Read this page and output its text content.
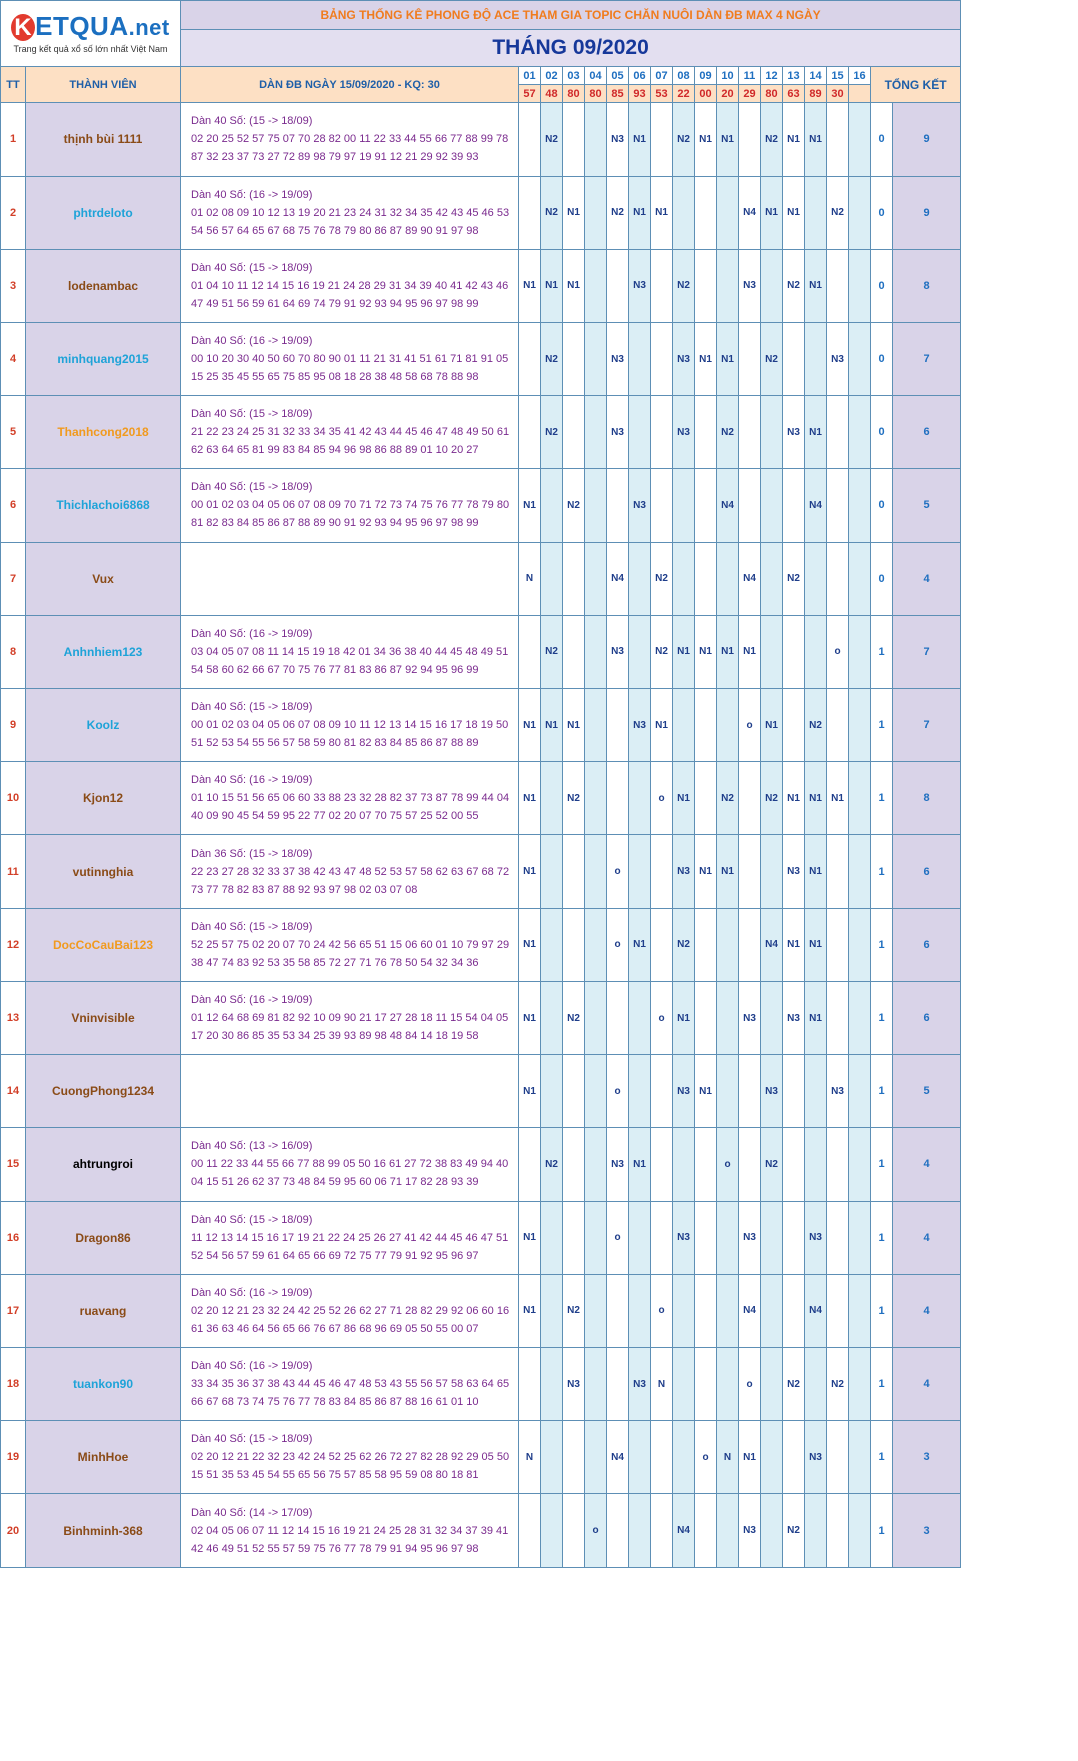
K ETQUA.net
Trang kết quả xổ số lớn nhất Việt Nam		BẢNG THỐNG KÊ PHONG ĐỘ ACE THAM GIA TOPIC CHĂN NUÔI DÀN ĐB MAX 4 NGÀY																		
		THÁNG 09/2020																		
TT	THÀNH VIÊN	DÀN ĐB NGÀY 15/09/2020 - KQ: 30	01	02	03	04	05	06	07	08	09	10	11	12	13	14	15	16	TỔNG KẾT	
			57	48	80	80	85	93	53	22	00	20	29	80	63	89	30			
1	thịnh bùi 1111	Dàn 40 Số: (15 -> 18/09)
02 20 25 52 57 75 07 70 28 82 00 11 22 33 44 55 66 77 88 99 78
87 32 23 37 73 27 72 89 98 79 97 19 91 12 21 29 92 39 93		N2			N3	N1		N2	N1	N1		N2	N1	N1			0	9
2	phtrdeloto	Dàn 40 Số: (16 -> 19/09)
01 02 08 09 10 12 13 19 20 21 23 24 31 32 34 35 42 43 45 46 53
54 56 57 64 65 67 68 75 76 78 79 80 86 87 89 90 91 97 98		N2	N1		N2	N1	N1				N4	N1	N1		N2		0	9
3	lodenambac	Dàn 40 Số: (15 -> 18/09)
01 04 10 11 12 14 15 16 19 21 24 28 29 31 34 39 40 41 42 43 46
47 49 51 56 59 61 64 69 74 79 91 92 93 94 95 96 97 98 99	N1	N1	N1			N3		N2			N3		N2	N1			0	8
4	minhquang2015	Dàn 40 Số: (16 -> 19/09)
00 10 20 30 40 50 60 70 80 90 01 11 21 31 41 51 61 71 81 91 05
15 25 35 45 55 65 75 85 95 08 18 28 38 48 58 68 78 88 98		N2			N3			N3	N1	N1		N2			N3		0	7
5	Thanhcong2018	Dàn 40 Số: (15 -> 18/09)
21 22 23 24 25 31 32 33 34 35 41 42 43 44 45 46 47 48 49 50 61
62 63 64 65 81 99 83 84 85 94 96 98 86 88 89 01 10 20 27		N2			N3			N3		N2			N3	N1			0	6
6	Thichlachoi6868	Dàn 40 Số: (15 -> 18/09)
00 01 02 03 04 05 06 07 08 09 70 71 72 73 74 75 76 77 78 79 80
81 82 83 84 85 86 87 88 89 90 91 92 93 94 95 96 97 98 99	N1		N2			N3				N4				N4			0	5
7	Vux		N				N4		N2				N4		N2				0	4
8	Anhnhiem123	Dàn 40 Số: (16 -> 19/09)
03 04 05 07 08 11 14 15 19 18 42 01 34 36 38 40 44 45 48 49 51
54 58 60 62 66 67 70 75 76 77 81 83 86 87 92 94 95 96 99		N2			N3		N2	N1	N1	N1	N1				o		1	7
9	Koolz	Dàn 40 Số: (15 -> 18/09)
00 01 02 03 04 05 06 07 08 09 10 11 12 13 14 15 16 17 18 19 50
51 52 53 54 55 56 57 58 59 80 81 82 83 84 85 86 87 88 89	N1	N1	N1			N3	N1				o	N1		N2			1	7
10	Kjon12	Dàn 40 Số: (16 -> 19/09)
01 10 15 51 56 65 06 60 33 88 23 32 28 82 37 73 87 78 99 44 04
40 09 90 45 54 59 95 22 77 02 20 07 70 75 57 25 52 00 55	N1		N2				o	N1		N2		N2	N1	N1	N1		1	8
11	vutinnghia	Dàn 36 Số: (15 -> 18/09)
22 23 27 28 32 33 37 38 42 43 47 48 52 53 57 58 62 63 67 68 72
73 77 78 82 83 87 88 92 93 97 98 02 03 07 08	N1				o			N3	N1	N1			N3	N1			1	6
12	DocCoCauBai123	Dàn 40 Số: (15 -> 18/09)
52 25 57 75 02 20 07 70 24 42 56 65 51 15 06 60 01 10 79 97 29
38 47 74 83 92 53 35 58 85 72 27 71 76 78 50 54 32 34 36	N1				o	N1		N2				N4	N1	N1			1	6
13	Vninvisible	Dàn 40 Số: (16 -> 19/09)
01 12 64 68 69 81 82 92 10 09 90 21 17 27 28 18 11 15 54 04 05
17 20 30 86 85 35 53 34 25 39 93 89 98 48 84 14 18 19 58	N1		N2				o	N1			N3		N3	N1			1	6
14	CuongPhong1234		N1				o			N3	N1			N3			N3		1	5
15	ahtrungroi	Dàn 40 Số: (13 -> 16/09)
00 11 22 33 44 55 66 77 88 99 05 50 16 61 27 72 38 83 49 94 40
04 15 51 26 62 37 73 48 84 59 95 60 06 71 17 82 28 93 39		N2			N3	N1				o		N2					1	4
16	Dragon86	Dàn 40 Số: (15 -> 18/09)
11 12 13 14 15 16 17 19 21 22 24 25 26 27 41 42 44 45 46 47 51
52 54 56 57 59 61 64 65 66 69 72 75 77 79 91 92 95 96 97	N1				o			N3			N3			N3			1	4
17	ruavang	Dàn 40 Số: (16 -> 19/09)
02 20 12 21 23 32 24 42 25 52 26 62 27 71 28 82 29 92 06 60 16
61 36 63 46 64 56 65 66 76 67 86 68 96 69 05 50 55 00 07	N1		N2				o				N4			N4			1	4
18	tuankon90	Dàn 40 Số: (16 -> 19/09)
33 34 35 36 37 38 43 44 45 46 47 48 53 43 55 56 57 58 63 64 65
66 67 68 73 74 75 76 77 78 83 84 85 86 87 88 16 61 01 10			N3			N3	N				o		N2		N2		1	4
19	MinhHoe	Dàn 40 Số: (15 -> 18/09)
02 20 12 21 22 32 23 42 24 52 25 62 26 72 27 82 28 92 29 05 50
15 51 35 53 45 54 55 65 56 75 57 85 58 95 59 08 80 18 81	N				N4				o	N	N1			N3			1	3
20	Binhminh-368	Dàn 40 Số: (14 -> 17/09)
02 04 05 06 07 11 12 14 15 16 19 21 24 25 28 31 32 34 37 39 41
42 46 49 51 52 55 57 59 75 76 77 78 79 91 94 95 96 97 98				o				N4			N3		N2				1	3
